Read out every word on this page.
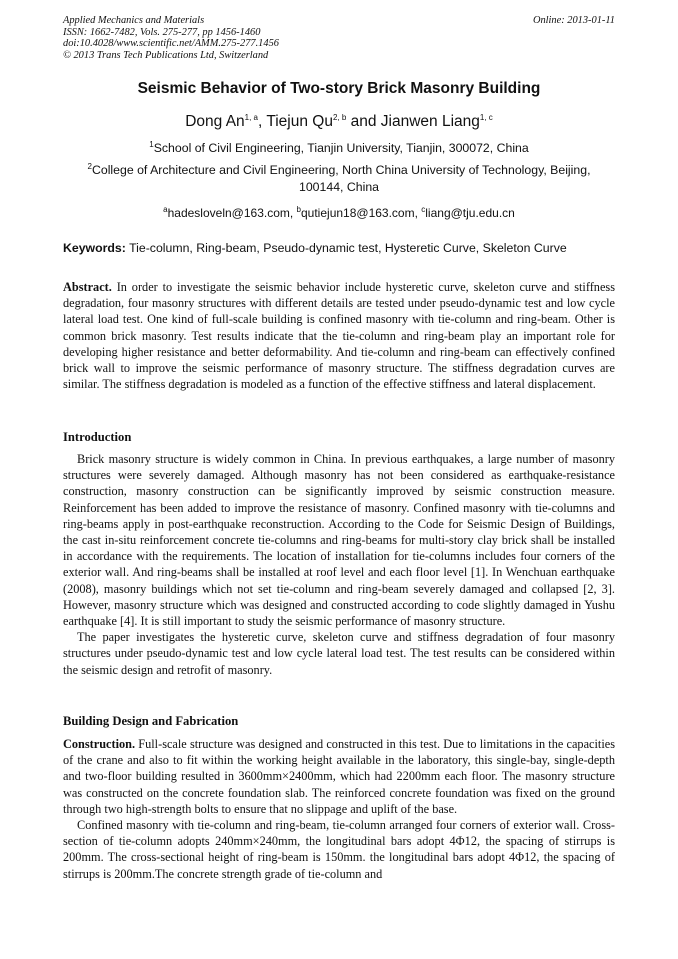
Applied Mechanics and Materials
ISSN: 1662-7482, Vols. 275-277, pp 1456-1460
doi:10.4028/www.scientific.net/AMM.275-277.1456
© 2013 Trans Tech Publications Ltd, Switzerland
Online: 2013-01-11
Seismic Behavior of Two-story Brick Masonry Building
Dong An$^{1, a}$, Tiejun Qu$^{2, b}$ and Jianwen Liang$^{1, c}$
$^1$School of Civil Engineering, Tianjin University, Tianjin, 300072, China
$^2$College of Architecture and Civil Engineering, North China University of Technology, Beijing, 100144, China
$^a$hadesloveln@163.com, $^b$qutiejun18@163.com, $^c$liang@tju.edu.cn
Keywords: Tie-column, Ring-beam, Pseudo-dynamic test, Hysteretic Curve, Skeleton Curve

Abstract. In order to investigate the seismic behavior include hysteretic curve, skeleton curve and stiffness degradation, four masonry structures with different details are tested under pseudo-dynamic test and low cycle lateral load test. One kind of full-scale building is confined masonry with tie-column and ring-beam. Other is common brick masonry. Test results indicate that the tie-column and ring-beam play an important role for developing higher resistance and better deformability. And tie-column and ring-beam can effectively confined brick wall to improve the seismic performance of masonry structure. The stiffness degradation curves are similar. The stiffness degradation is modeled as a function of the effective stiffness and lateral displacement.

Introduction

Brick masonry structure is widely common in China. In previous earthquakes, a large number of masonry structures were severely damaged. Although masonry has not been considered as earthquake-resistance construction, masonry construction can be significantly improved by seismic construction measure. Reinforcement has been added to improve the resistance of masonry. Confined masonry with tie-columns and ring-beams apply in post-earthquake reconstruction. According to the Code for Seismic Design of Buildings, the cast in-situ reinforcement concrete tie-columns and ring-beams for multi-story clay brick shall be installed in accordance with the requirements. The location of installation for tie-columns includes four corners of the exterior wall. And ring-beams shall be installed at roof level and each floor level [1]. In Wenchuan earthquake (2008), masonry buildings which not set tie-column and ring-beam severely damaged and collapsed [2, 3]. However, masonry structure which was designed and constructed according to code slightly damaged in Yushu earthquake [4]. It is still important to study the seismic performance of masonry structure.

The paper investigates the hysteretic curve, skeleton curve and stiffness degradation of four masonry structures under pseudo-dynamic test and low cycle lateral load test. The test results can be considered within the seismic design and retrofit of masonry.

Building Design and Fabrication

Construction. Full-scale structure was designed and constructed in this test. Due to limitations in the capacities of the crane and also to fit within the working height available in the laboratory, this single-bay, single-depth and two-floor building resulted in 3600mm×2400mm, which had 2200mm each floor. The masonry structure was constructed on the concrete foundation slab. The reinforced concrete foundation was fixed on the ground through two high-strength bolts to ensure that no slippage and uplift of the base.

Confined masonry with tie-column and ring-beam, tie-column arranged four corners of exterior wall. Cross-section of tie-column adopts 240mm×240mm, the longitudinal bars adopt 4Φ12, the spacing of stirrups is 200mm. The cross-sectional height of ring-beam is 150mm. the longitudinal bars adopt 4Φ12, the spacing of stirrups is 200mm.The concrete strength grade of tie-column and
